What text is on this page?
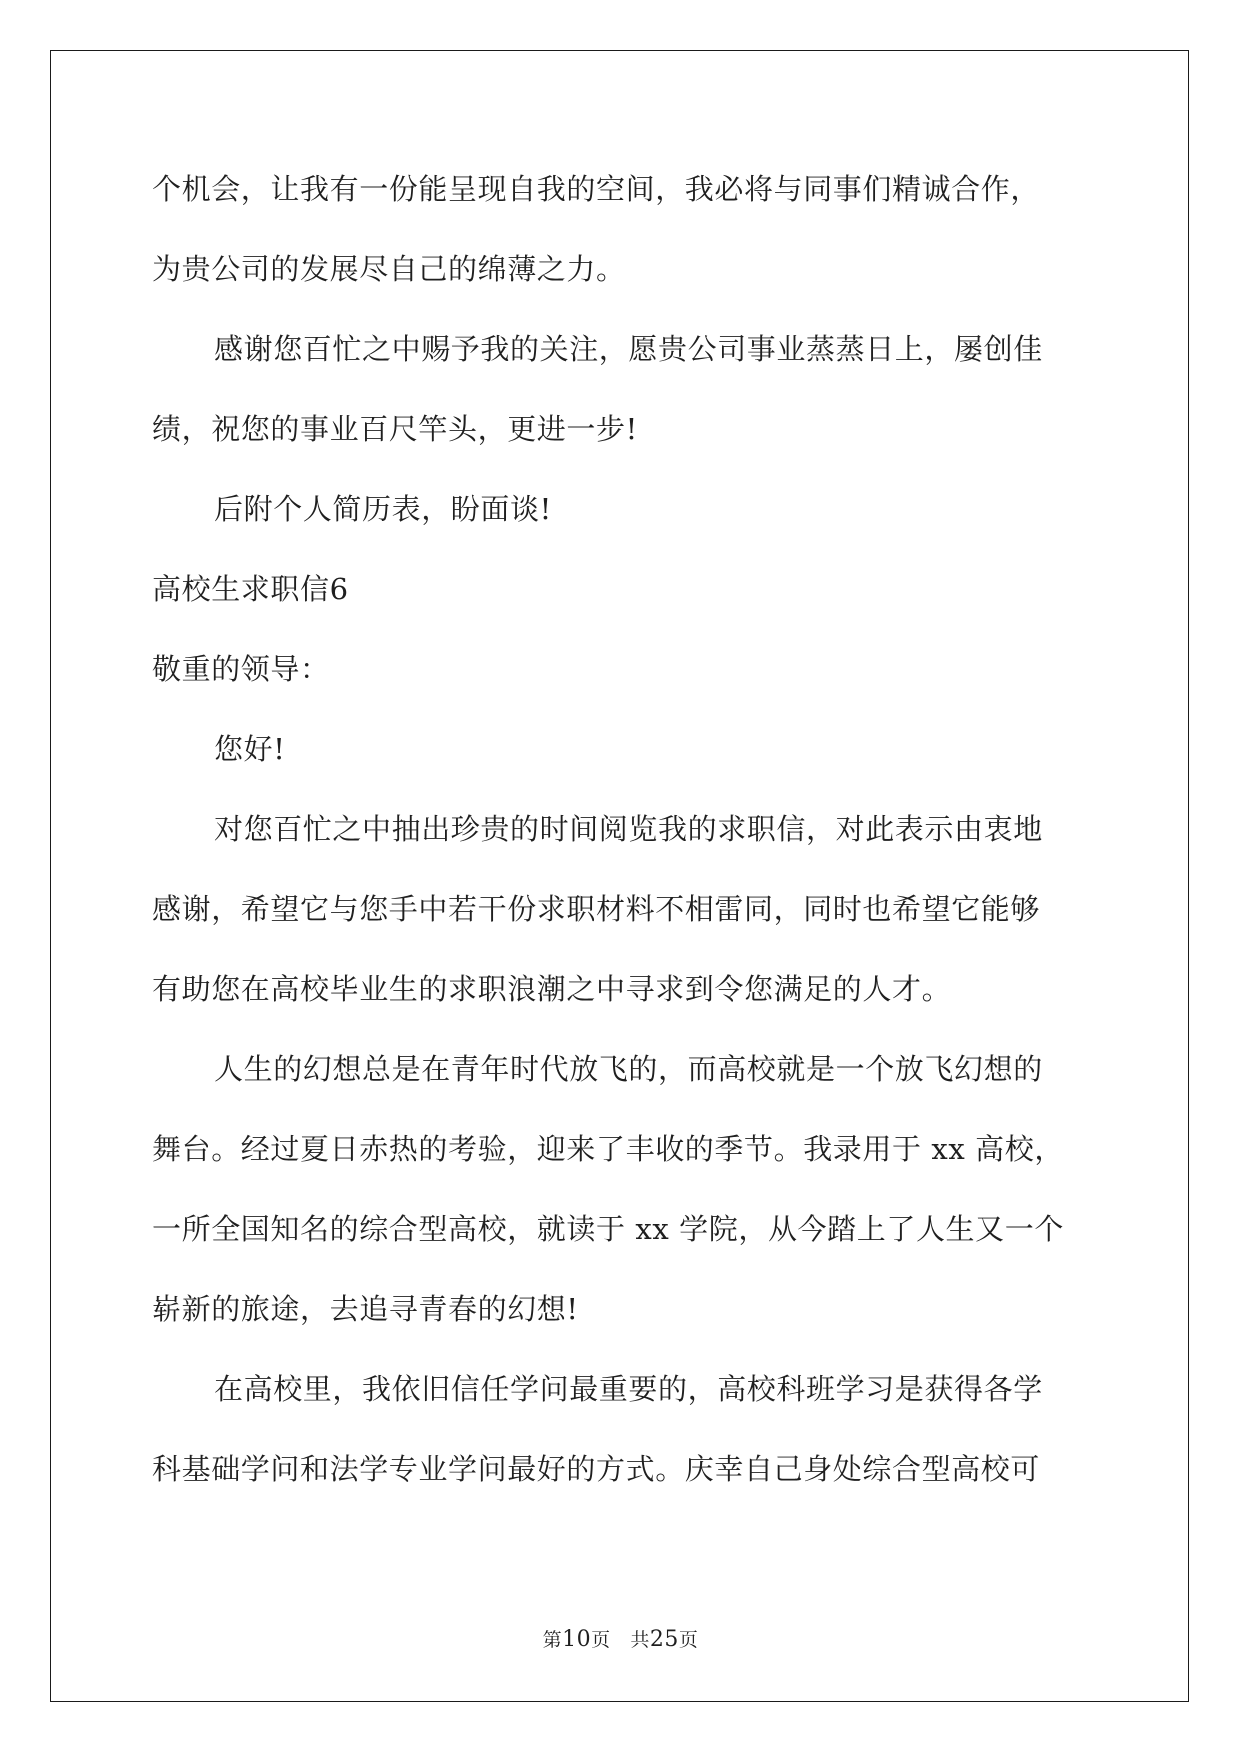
个机会，让我有一份能呈现自我的空间，我必将与同事们精诚合作，
为贵公司的发展尽自己的绵薄之力。
感谢您百忙之中赐予我的关注，愿贵公司事业蒸蒸日上，屡创佳
绩，祝您的事业百尺竿头，更进一步!
后附个人简历表，盼面谈!
高校生求职信6
敬重的领导：
您好!
对您百忙之中抽出珍贵的时间阅览我的求职信，对此表示由衷地
感谢，希望它与您手中若干份求职材料不相雷同，同时也希望它能够
有助您在高校毕业生的求职浪潮之中寻求到令您满足的人才。
人生的幻想总是在青年时代放飞的，而高校就是一个放飞幻想的
舞台。经过夏日赤热的考验，迎来了丰收的季节。我录用于 xx 高校，
一所全国知名的综合型高校，就读于 xx 学院，从今踏上了人生又一个
崭新的旅途，去追寻青春的幻想!
在高校里，我依旧信任学问最重要的，高校科班学习是获得各学
科基础学问和法学专业学问最好的方式。庆幸自己身处综合型高校可
第10页 共25页
